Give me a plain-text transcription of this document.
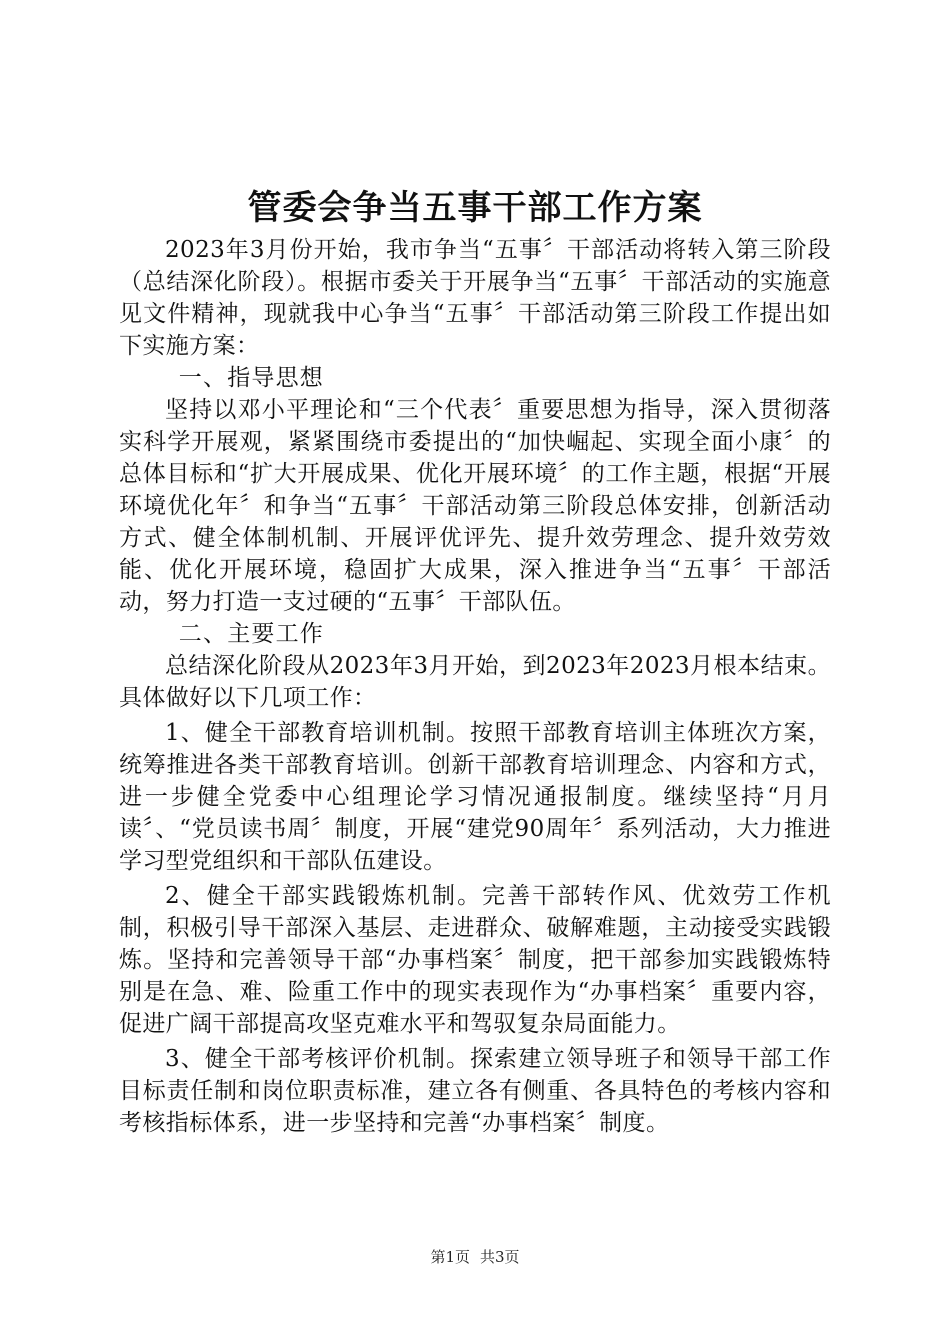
管委会争当五事干部工作方案

2023年3月份开始，我市争当“五事〞干部活动将转入第三阶段（总结深化阶段）。根据市委关于开展争当“五事〞干部活动的实施意见文件精神，现就我中心争当“五事〞干部活动第三阶段工作提出如下实施方案：

一、指导思想

坚持以邓小平理论和“三个代表〞重要思想为指导，深入贯彻落实科学开展观，紧紧围绕市委提出的“加快崛起、实现全面小康〞的总体目标和“扩大开展成果、优化开展环境〞的工作主题，根据“开展环境优化年〞和争当“五事〞干部活动第三阶段总体安排，创新活动方式、健全体制机制、开展评优评先、提升效劳理念、提升效劳效能、优化开展环境，稳固扩大成果，深入推进争当“五事〞干部活动，努力打造一支过硬的“五事〞干部队伍。

二、主要工作

总结深化阶段从2023年3月开始，到2023年2023月根本结束。具体做好以下几项工作：

1、健全干部教育培训机制。按照干部教育培训主体班次方案，统筹推进各类干部教育培训。创新干部教育培训理念、内容和方式，进一步健全党委中心组理论学习情况通报制度。继续坚持“月月读〞、“党员读书周〞制度，开展“建党90周年〞系列活动，大力推进学习型党组织和干部队伍建设。

2、健全干部实践锻炼机制。完善干部转作风、优效劳工作机制，积极引导干部深入基层、走进群众、破解难题，主动接受实践锻炼。坚持和完善领导干部“办事档案〞制度，把干部参加实践锻炼特别是在急、难、险重工作中的现实表现作为“办事档案〞重要内容，促进广阔干部提高攻坚克难水平和驾驭复杂局面能力。

3、健全干部考核评价机制。探索建立领导班子和领导干部工作目标责任制和岗位职责标准，建立各有侧重、各具特色的考核内容和考核指标体系，进一步坚持和完善“办事档案〞制度。

第1页 共3页
